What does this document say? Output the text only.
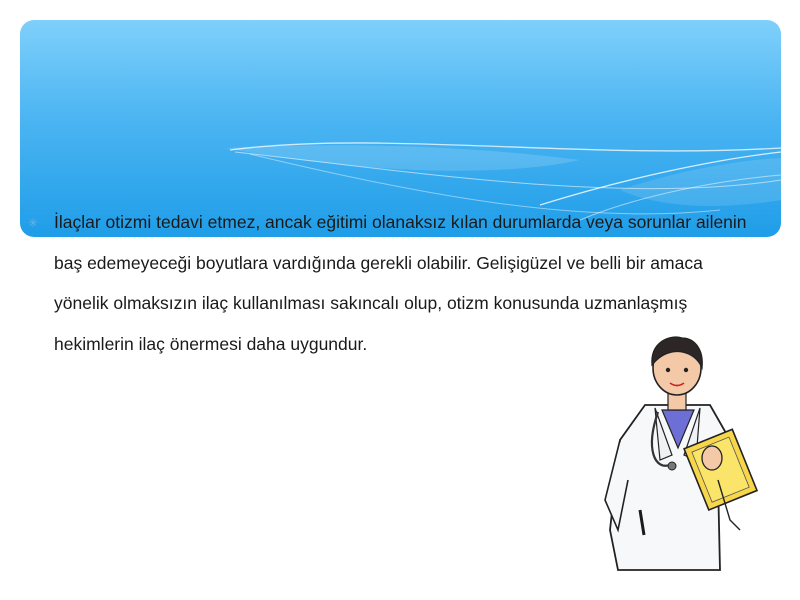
✳ İlaçlar otizmi tedavi etmez, ancak eğitimi olanaksız kılan durumlarda veya sorunlar ailenin baş edemeyeceği boyutlara vardığında gerekli olabilir. Gelişigüzel ve belli bir amaca yönelik olmaksızın ilaç kullanılması sakıncalı olup, otizm konusunda uzmanlaşmış hekimlerin ilaç önermesi daha uygundur.
